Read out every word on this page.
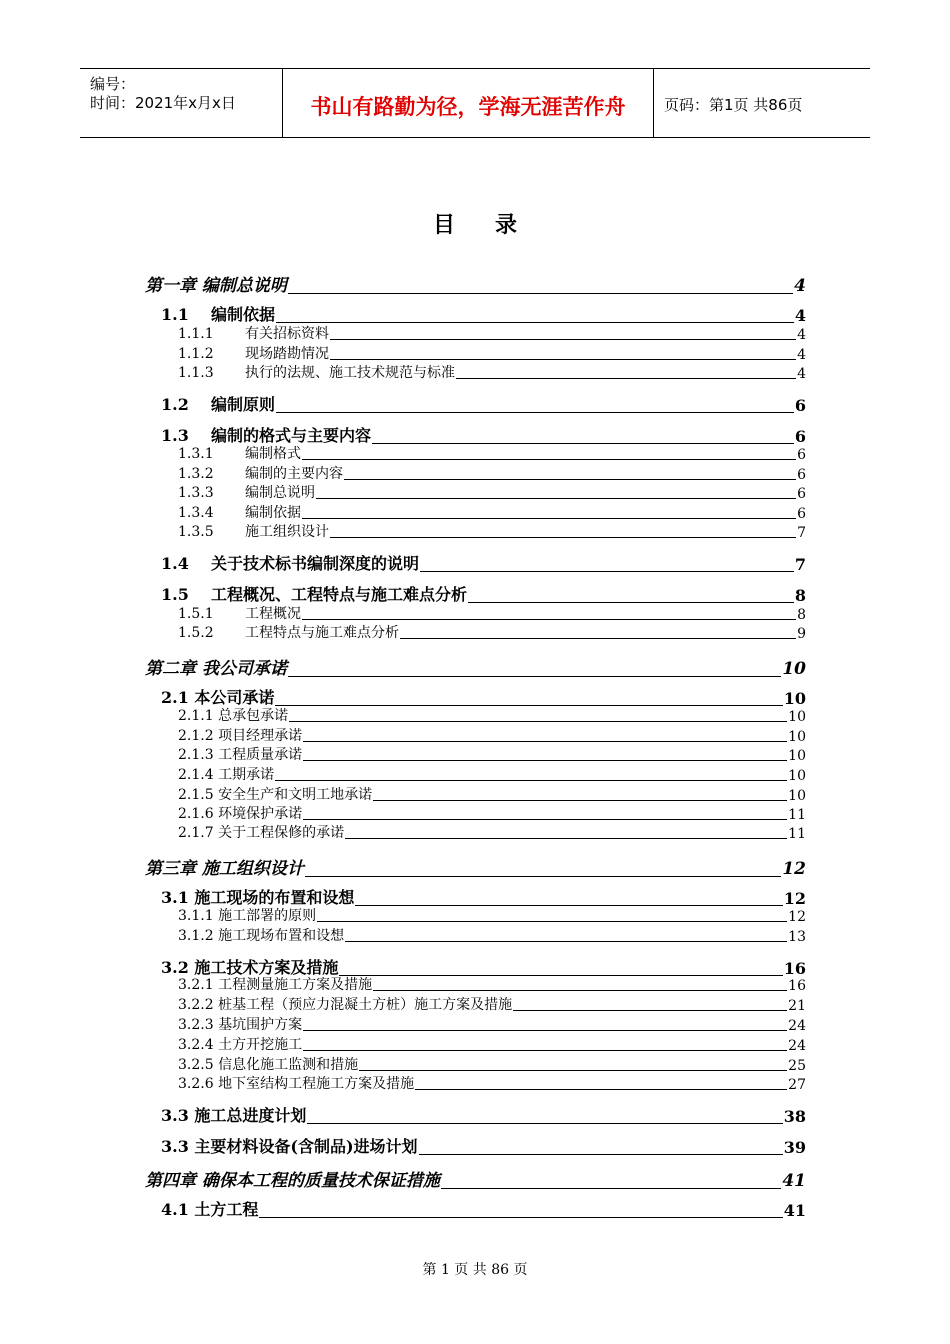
编号：
时间：2021年x月x日	书山有路勤为径，学海无涯苦作舟	页码：第1页 共86页
目录
第一章 编制总说明	4
1.1 编制依据	4
1.1.1 有关招标资料	4
1.1.2 现场踏勘情况	4
1.1.3 执行的法规、施工技术规范与标准	4
1.2 编制原则	6
1.3 编制的格式与主要内容	6
1.3.1 编制格式	6
1.3.2 编制的主要内容	6
1.3.3 编制总说明	6
1.3.4 编制依据	6
1.3.5 施工组织设计	7
1.4 关于技术标书编制深度的说明	7
1.5 工程概况、工程特点与施工难点分析	8
1.5.1 工程概况	8
1.5.2 工程特点与施工难点分析	9
第二章 我公司承诺	10
2.1 本公司承诺	10
2.1.1 总承包承诺	10
2.1.2 项目经理承诺	10
2.1.3 工程质量承诺	10
2.1.4 工期承诺	10
2.1.5 安全生产和文明工地承诺	10
2.1.6 环境保护承诺	11
2.1.7 关于工程保修的承诺	11
第三章 施工组织设计	12
3.1 施工现场的布置和设想	12
3.1.1 施工部署的原则	12
3.1.2 施工现场布置和设想	13
3.2 施工技术方案及措施	16
3.2.1 工程测量施工方案及措施	16
3.2.2 桩基工程（预应力混凝土方桩）施工方案及措施	21
3.2.3 基坑围护方案	24
3.2.4 土方开挖施工	24
3.2.5 信息化施工监测和措施	25
3.2.6 地下室结构工程施工方案及措施	27
3.3 施工总进度计划	38
3.3 主要材料设备(含制品)进场计划	39
第四章 确保本工程的质量技术保证措施	41
4.1 土方工程	41
第 1 页 共 86 页
